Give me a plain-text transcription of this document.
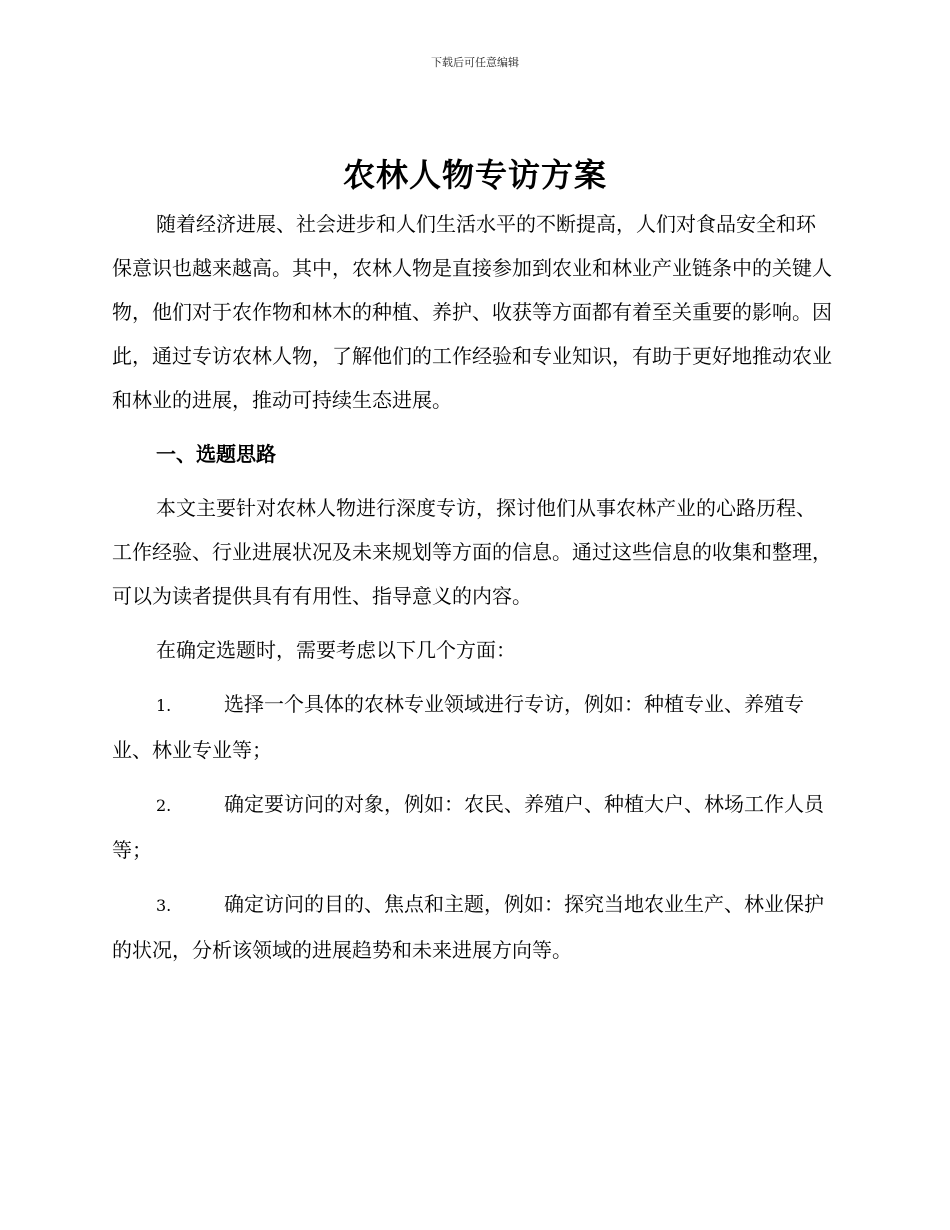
下载后可任意编辑
农林人物专访方案

随着经济进展、社会进步和人们生活水平的不断提高，人们对食品安全和环保意识也越来越高。其中，农林人物是直接参加到农业和林业产业链条中的关键人物，他们对于农作物和林木的种植、养护、收获等方面都有着至关重要的影响。因此，通过专访农林人物，了解他们的工作经验和专业知识，有助于更好地推动农业和林业的进展，推动可持续生态进展。

一、选题思路

本文主要针对农林人物进行深度专访，探讨他们从事农林产业的心路历程、工作经验、行业进展状况及未来规划等方面的信息。通过这些信息的收集和整理，可以为读者提供具有有用性、指导意义的内容。

在确定选题时，需要考虑以下几个方面：

1.	选择一个具体的农林专业领域进行专访，例如：种植专业、养殖专业、林业专业等；

2.	确定要访问的对象，例如：农民、养殖户、种植大户、林场工作人员等；

3.	确定访问的目的、焦点和主题，例如：探究当地农业生产、林业保护的状况，分析该领域的进展趋势和未来进展方向等。
